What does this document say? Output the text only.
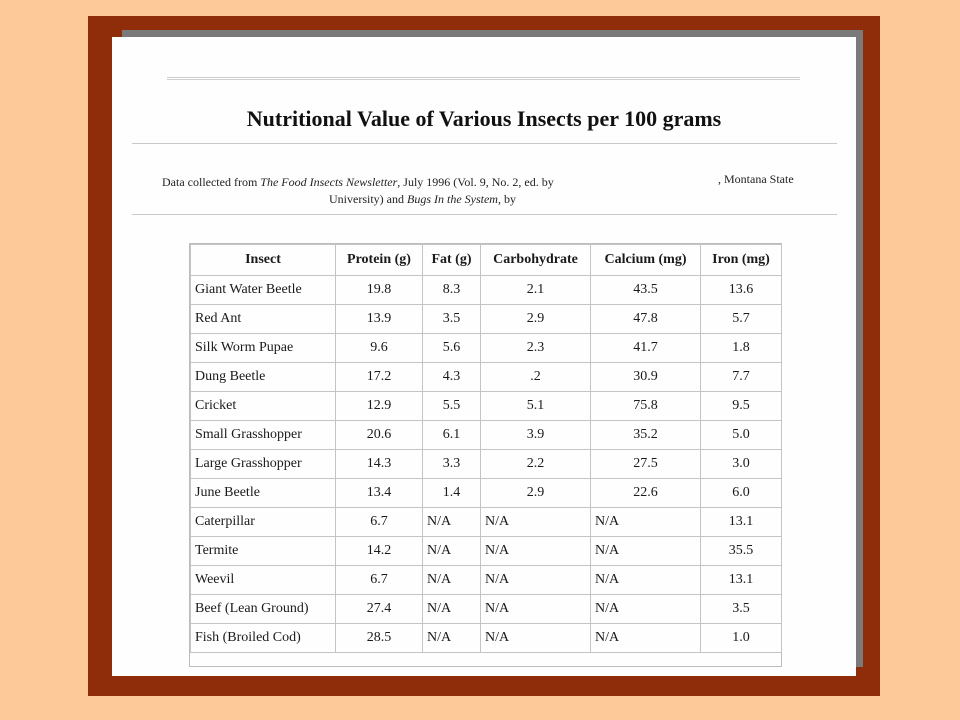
Nutritional Value of Various Insects per 100 grams
Data collected from The Food Insects Newsletter, July 1996 (Vol. 9, No. 2, ed. by	, Montana State
University) and Bugs In the System, by
Insect	Protein (g)	Fat (g)	Carbohydrate	Calcium (mg)	Iron (mg)
Giant Water Beetle	19.8	8.3	2.1	43.5	13.6
Red Ant	13.9	3.5	2.9	47.8	5.7
Silk Worm Pupae	9.6	5.6	2.3	41.7	1.8
Dung Beetle	17.2	4.3	.2	30.9	7.7
Cricket	12.9	5.5	5.1	75.8	9.5
Small Grasshopper	20.6	6.1	3.9	35.2	5.0
Large Grasshopper	14.3	3.3	2.2	27.5	3.0
June Beetle	13.4	1.4	2.9	22.6	6.0
Caterpillar	6.7	N/A	N/A	N/A	13.1
Termite	14.2	N/A	N/A	N/A	35.5
Weevil	6.7	N/A	N/A	N/A	13.1
Beef (Lean Ground)	27.4	N/A	N/A	N/A	3.5
Fish (Broiled Cod)	28.5	N/A	N/A	N/A	1.0
